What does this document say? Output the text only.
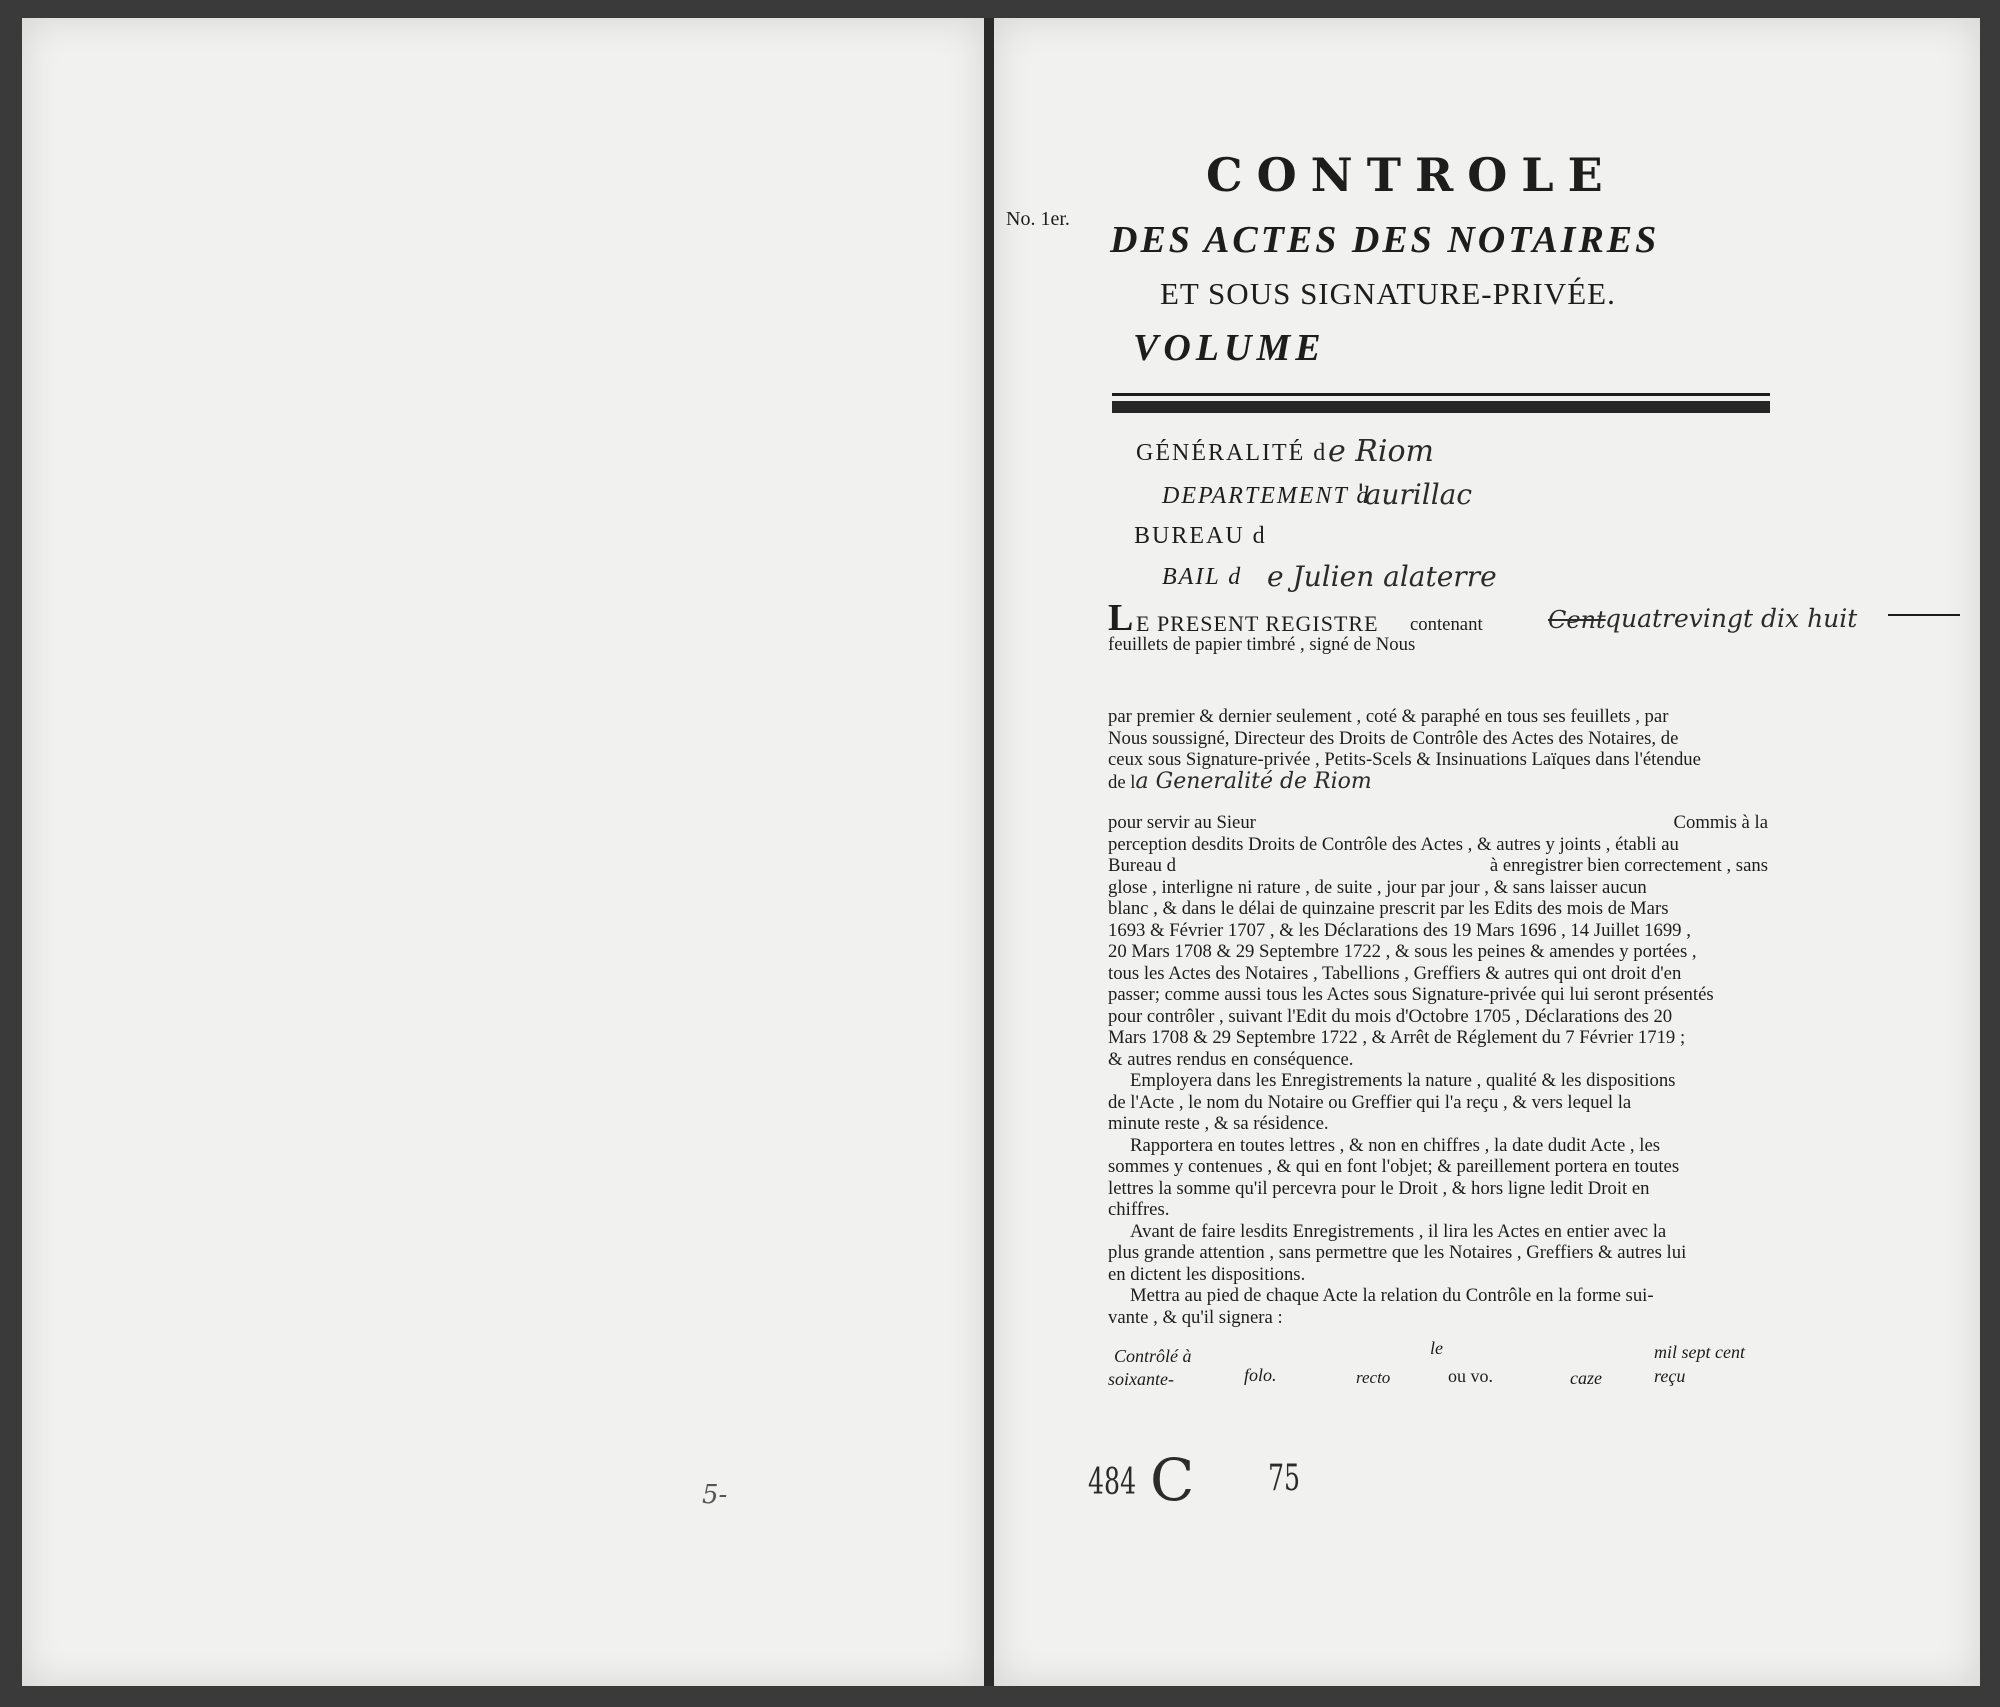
5-
No. 1er.
CONTROLE
DES ACTES DES NOTAIRES
ET SOUS SIGNATURE-PRIVÉE.
VOLUME
GÉNÉRALITÉ d e Riom
DEPARTEMENT d
'aurillac
BUREAU d
BAIL d e Julien alaterre
L E PRESENT REGISTRE contenant	Cent quatrevingt dix huit
feuillets de papier timbré , signé de Nous

par premier & dernier seulement , coté & paraphé en tous ses feuillets , par

Nous soussigné, Directeur des Droits de Contrôle des Actes des Notaires, de

ceux sous Signature-privée , Petits-Scels & Insinuations Laïques dans l'étendue

de la Generalité de Riom

pour servir au Sieur	Commis à la

perception desdits Droits de Contrôle des Actes , & autres y joints , établi au

Bureau d	à enregistrer bien correctement , sans

glose , interligne ni rature , de suite , jour par jour , & sans laisser aucun

blanc , & dans le délai de quinzaine prescrit par les Edits des mois de Mars

1693 & Février 1707 , & les Déclarations des 19 Mars 1696 , 14 Juillet 1699 ,

20 Mars 1708 & 29 Septembre 1722 , & sous les peines & amendes y portées ,

tous les Actes des Notaires , Tabellions , Greffiers & autres qui ont droit d'en

passer; comme aussi tous les Actes sous Signature-privée qui lui seront présentés

pour contrôler , suivant l'Edit du mois d'Octobre 1705 , Déclarations des 20

Mars 1708 & 29 Septembre 1722 , & Arrêt de Réglement du 7 Février 1719 ;

& autres rendus en conséquence.

Employera dans les Enregistrements la nature , qualité & les dispositions

de l'Acte , le nom du Notaire ou Greffier qui l'a reçu , & vers lequel la

minute reste , & sa résidence.

Rapportera en toutes lettres , & non en chiffres , la date dudit Acte , les

sommes y contenues , & qui en font l'objet; & pareillement portera en toutes

lettres la somme qu'il percevra pour le Droit , & hors ligne ledit Droit en

chiffres.

Avant de faire lesdits Enregistrements , il lira les Actes en entier avec la

plus grande attention , sans permettre que les Notaires , Greffiers & autres lui

en dictent les dispositions.

Mettra au pied de chaque Acte la relation du Contrôle en la forme sui-

vante , & qu'il signera :

Contrôlé à	le	mil sept cent
soixante-	folo.	recto	ou vo.	caze	reçu
484 C 75
